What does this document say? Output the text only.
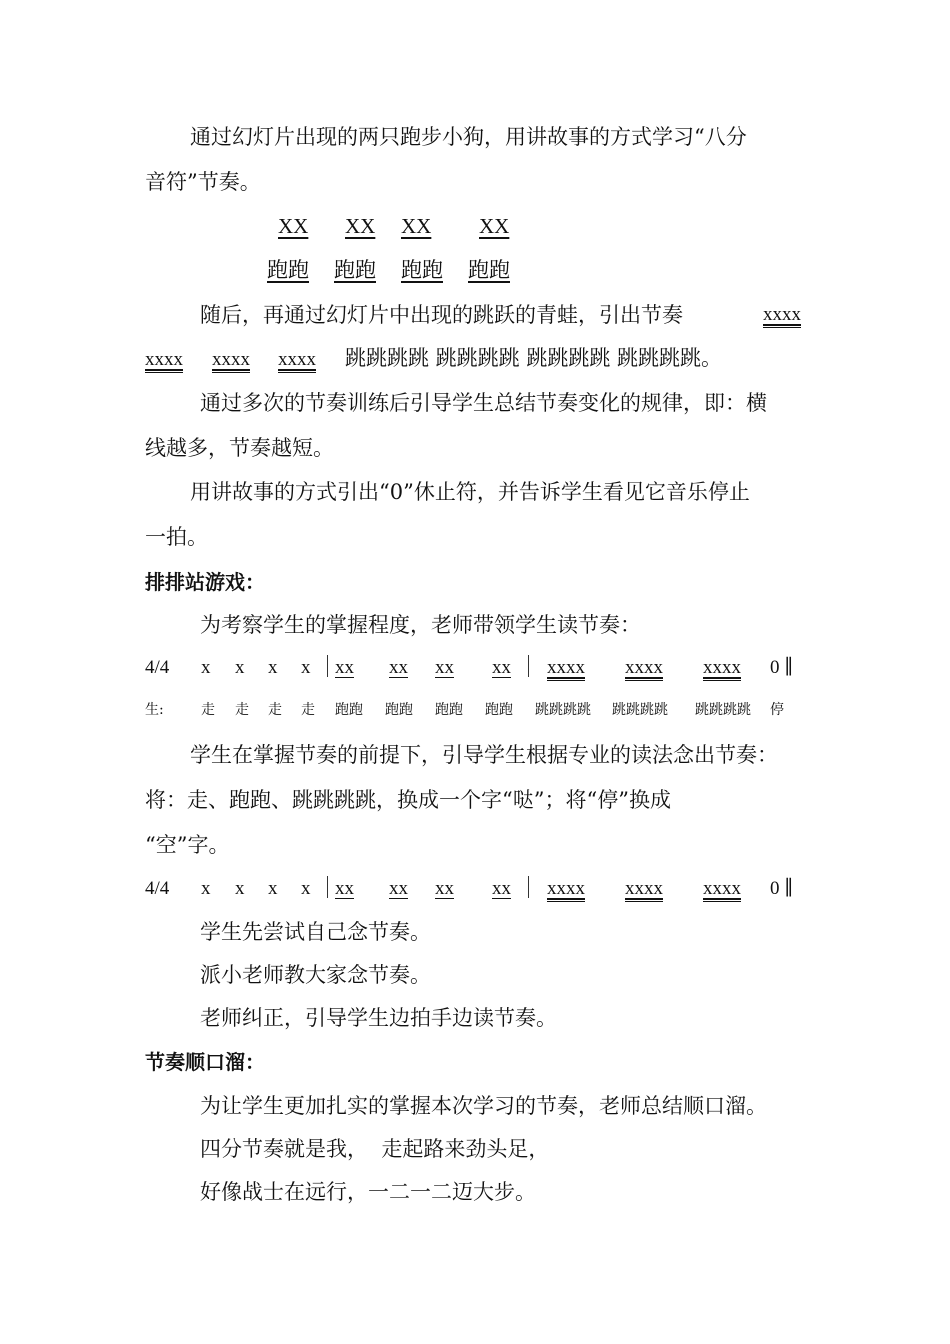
通过幻灯片出现的两只跑步小狗，用讲故事的方式学习“八分
音符”节奏。
XX XX XX XX
跑跑 跑跑 跑跑 跑跑
随后，再通过幻灯片中出现的跳跃的青蛙，引出节奏	xxxx
xxxx xxxx xxxx 跳跳跳跳 跳跳跳跳 跳跳跳跳 跳跳跳跳。
通过多次的节奏训练后引导学生总结节奏变化的规律，即：横
线越多，节奏越短。
用讲故事的方式引出“0”休止符，并告诉学生看见它音乐停止
一拍。
排排站游戏：
为考察学生的掌握程度，老师带领学生读节奏：
4/4 x x x x xx xx xx xx xxxx xxxx xxxx 0 ‖
生:	走 走 走 走 跑跑 跑跑 跑跑 跑跑 跳跳跳跳 跳跳跳跳 跳跳跳跳 停
学生在掌握节奏的前提下，引导学生根据专业的读法念出节奏：
将：走、跑跑、跳跳跳跳，换成一个字“哒”；将“停”换成
“空”字。
4/4 x x x x xx xx xx xx xxxx xxxx xxxx 0 ‖
学生先尝试自己念节奏。
派小老师教大家念节奏。
老师纠正，引导学生边拍手边读节奏。
节奏顺口溜：
为让学生更加扎实的掌握本次学习的节奏，老师总结顺口溜。
四分节奏就是我，  走起路来劲头足，
好像战士在远行，一二一二迈大步。
